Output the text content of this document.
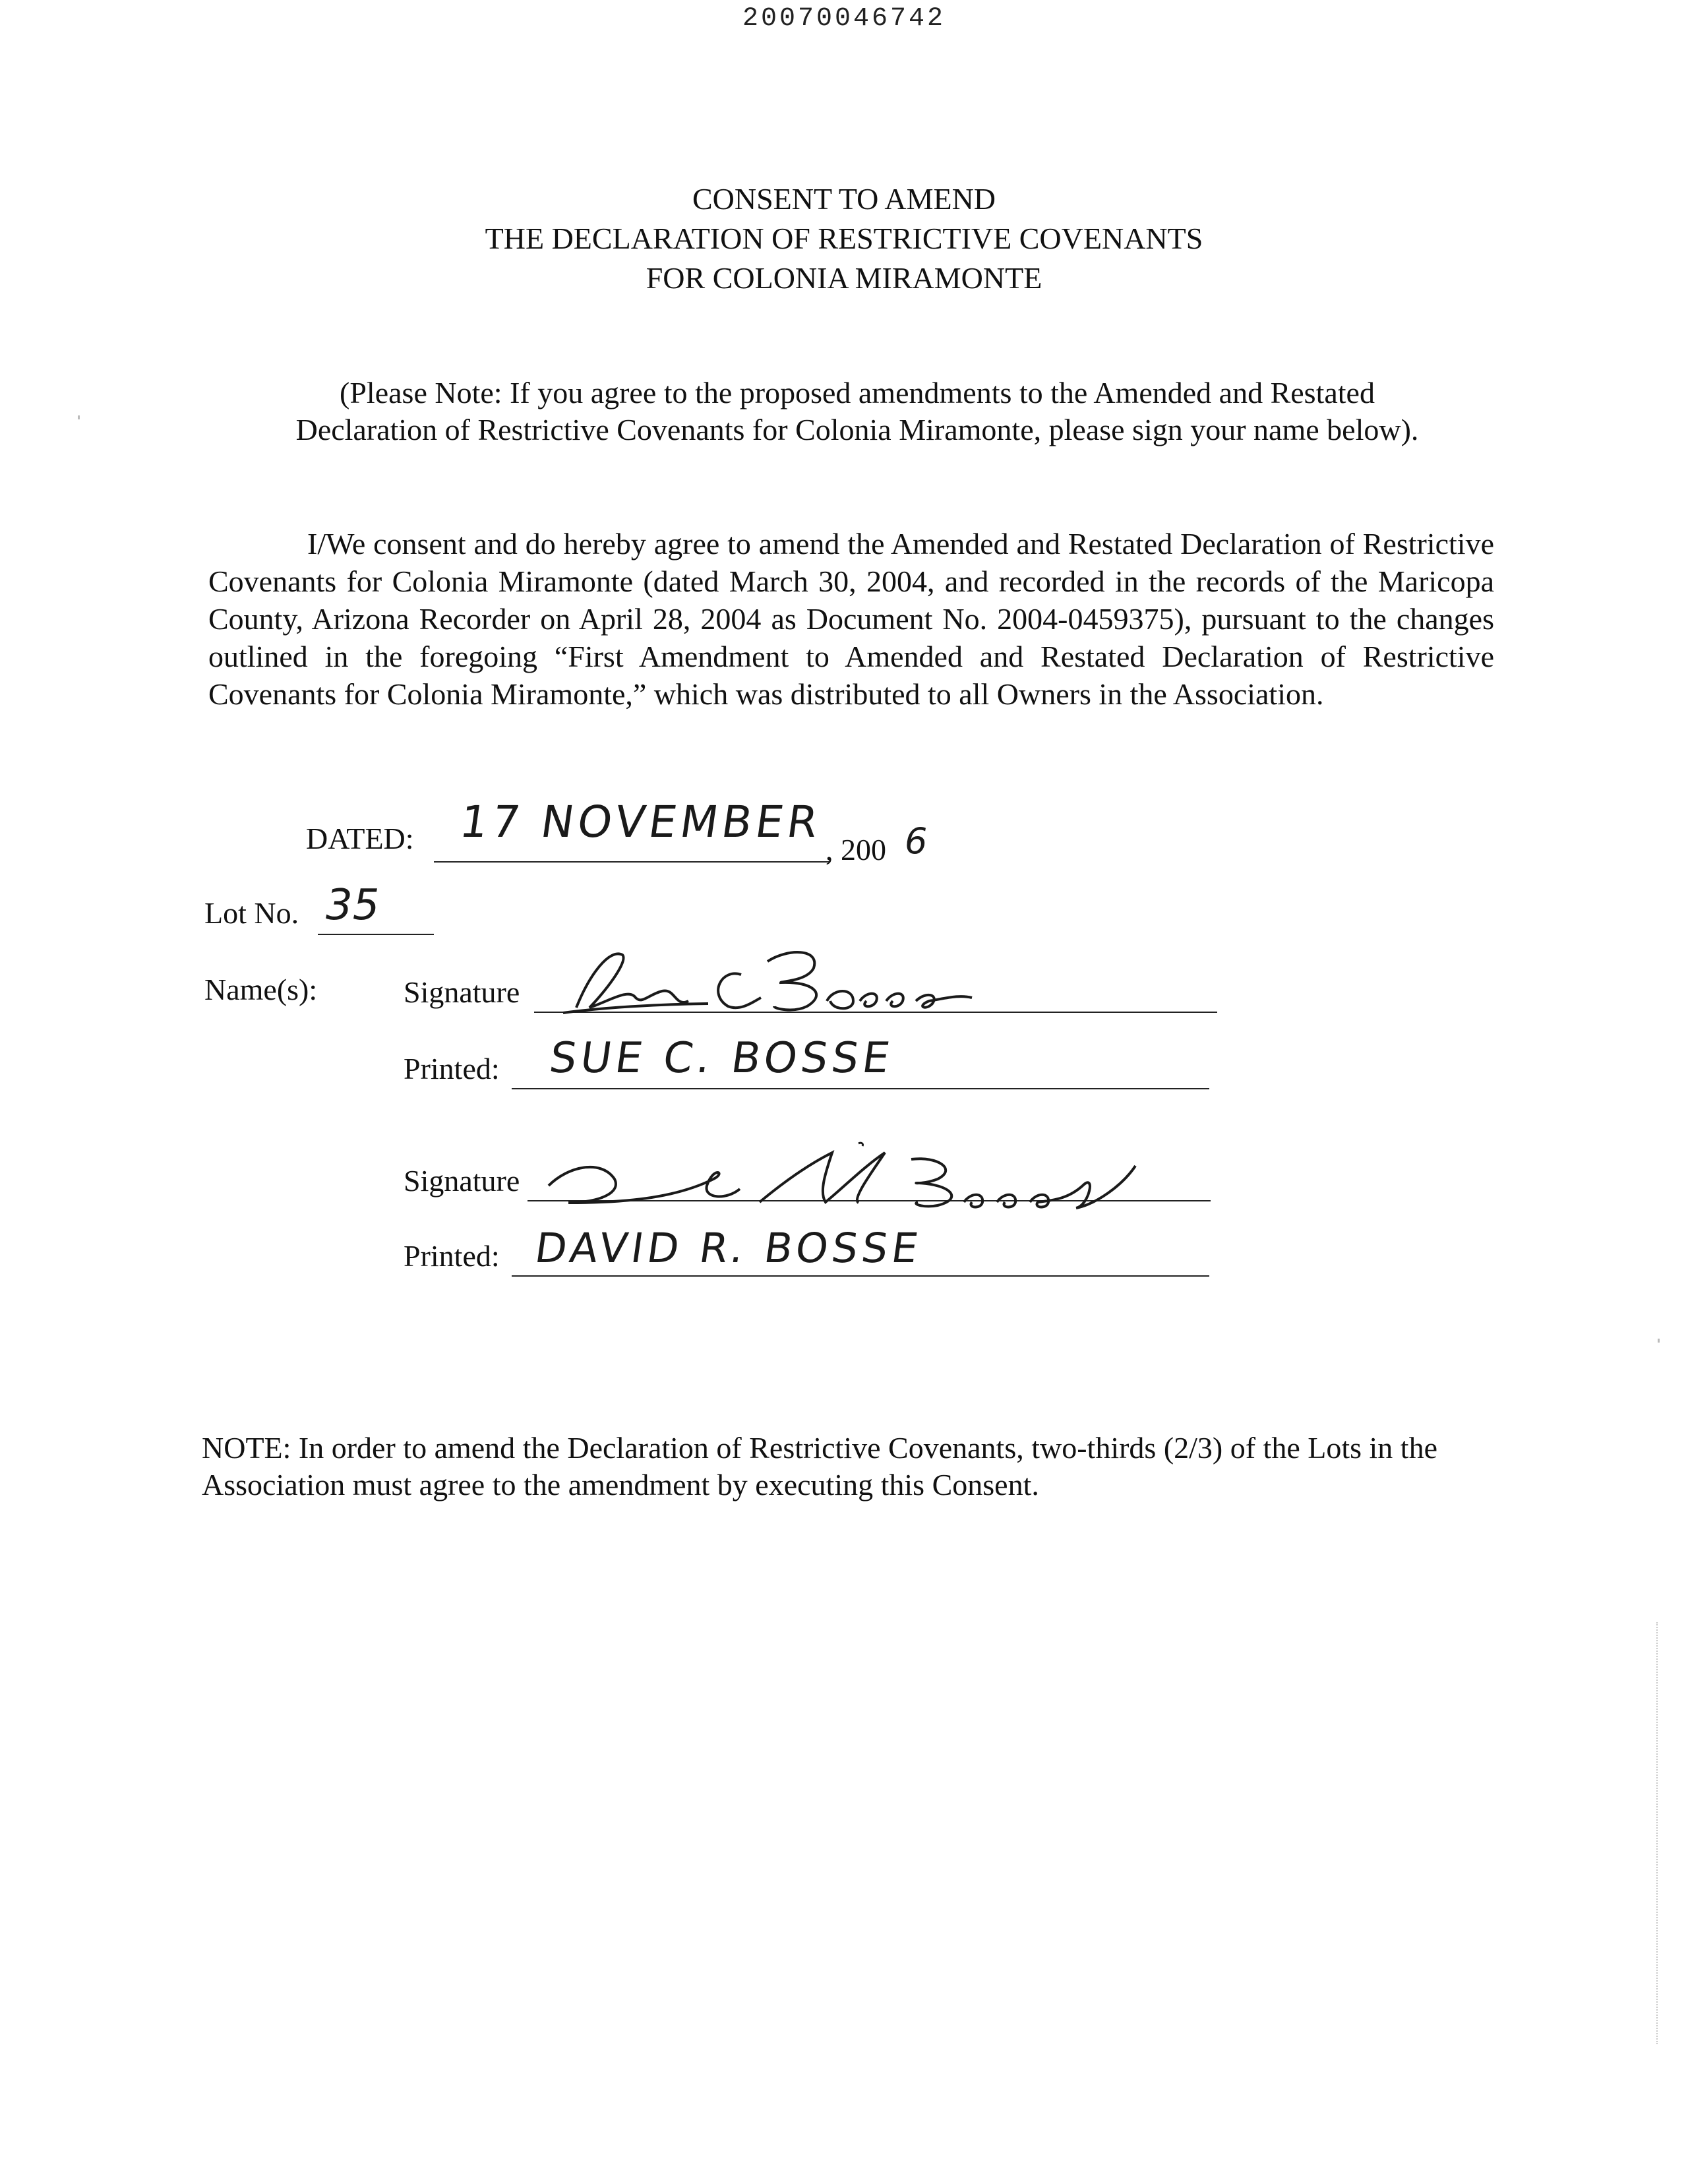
20070046742
CONSENT TO AMEND
THE DECLARATION OF RESTRICTIVE COVENANTS
FOR COLONIA MIRAMONTE
(Please Note: If you agree to the proposed amendments to the Amended and Restated
Declaration of Restrictive Covenants for Colonia Miramonte, please sign your name below).
I/We consent and do hereby agree to amend the Amended and Restated Declaration of Restrictive Covenants for Colonia Miramonte (dated March 30, 2004, and recorded in the records of the Maricopa County, Arizona Recorder on April 28, 2004 as Document No. 2004-0459375), pursuant to the changes outlined in the foregoing “First Amendment to Amended and Restated Declaration of Restrictive Covenants for Colonia Miramonte,” which was distributed to all Owners in the Association.
DATED: 17 NOVEMBER
, 200 6
Lot No. 35
Name(s):	Signature
Printed: SUE C. BOSSE
Signature
Printed: DAVID R. BOSSE
NOTE: In order to amend the Declaration of Restrictive Covenants, two-thirds (2/3) of the Lots in the Association must agree to the amendment by executing this Consent.
